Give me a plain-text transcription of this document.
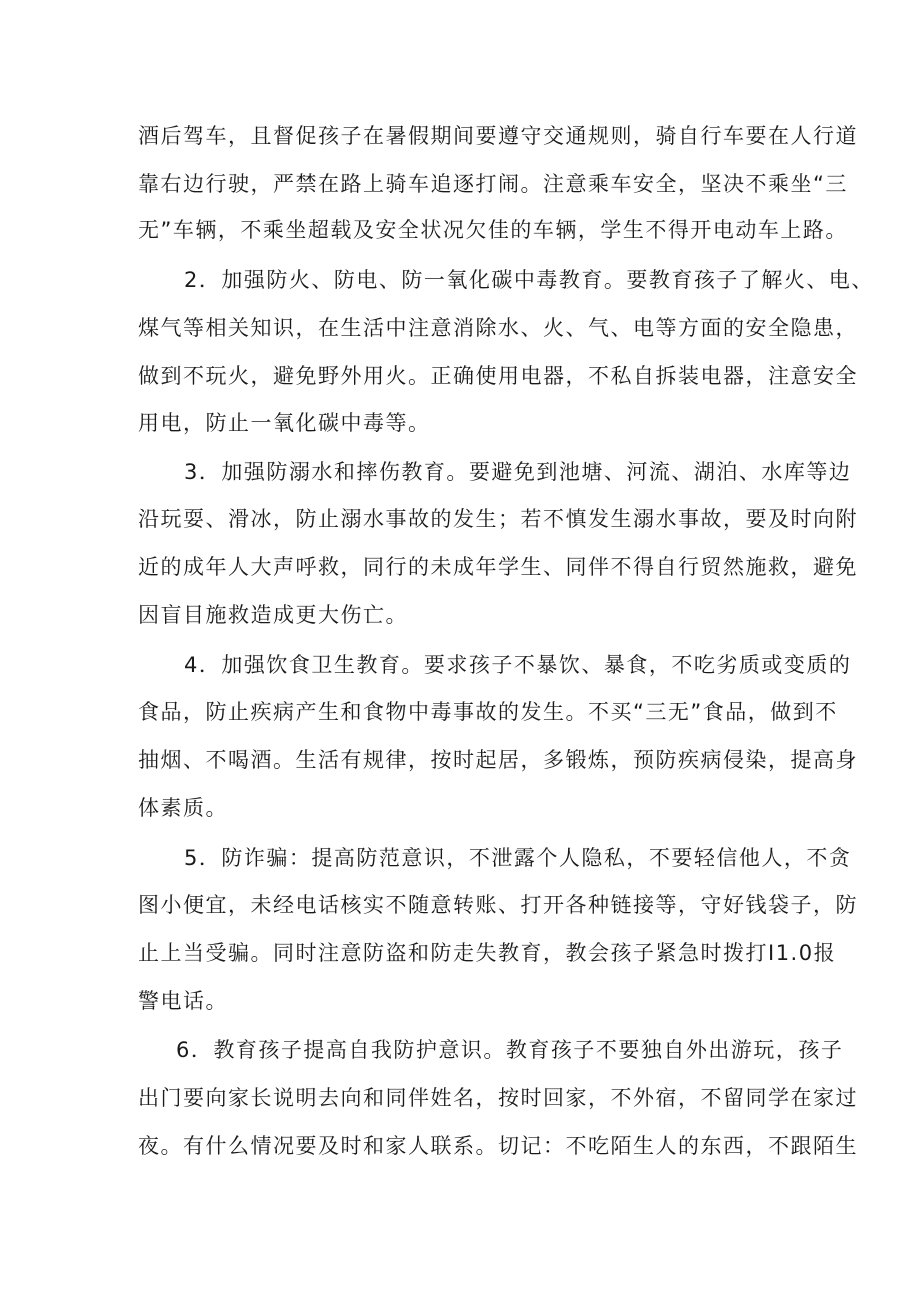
酒后驾车，且督促孩子在暑假期间要遵守交通规则，骑自行车要在人行道
靠右边行驶，严禁在路上骑车追逐打闹。注意乘车安全，坚决不乘坐“三
无”车辆，不乘坐超载及安全状况欠佳的车辆，学生不得开电动车上路。
2．加强防火、防电、防一氧化碳中毒教育。要教育孩子了解火、电、
煤气等相关知识，在生活中注意消除水、火、气、电等方面的安全隐患，
做到不玩火，避免野外用火。正确使用电器，不私自拆装电器，注意安全
用电，防止一氧化碳中毒等。
3．加强防溺水和摔伤教育。要避免到池塘、河流、湖泊、水库等边
沿玩耍、滑冰，防止溺水事故的发生；若不慎发生溺水事故，要及时向附
近的成年人大声呼救，同行的未成年学生、同伴不得自行贸然施救，避免
因盲目施救造成更大伤亡。
4．加强饮食卫生教育。要求孩子不暴饮、暴食，不吃劣质或变质的
食品，防止疾病产生和食物中毒事故的发生。不买“三无”食品，做到不
抽烟、不喝酒。生活有规律，按时起居，多锻炼，预防疾病侵染，提高身
体素质。
5．防诈骗：提高防范意识，不泄露个人隐私，不要轻信他人，不贪
图小便宜，未经电话核实不随意转账、打开各种链接等，守好钱袋子，防
止上当受骗。同时注意防盗和防走失教育，教会孩子紧急时拨打I1.0报
警电话。
6．教育孩子提高自我防护意识。教育孩子不要独自外出游玩，孩子
出门要向家长说明去向和同伴姓名，按时回家，不外宿，不留同学在家过
夜。有什么情况要及时和家人联系。切记：不吃陌生人的东西，不跟陌生
